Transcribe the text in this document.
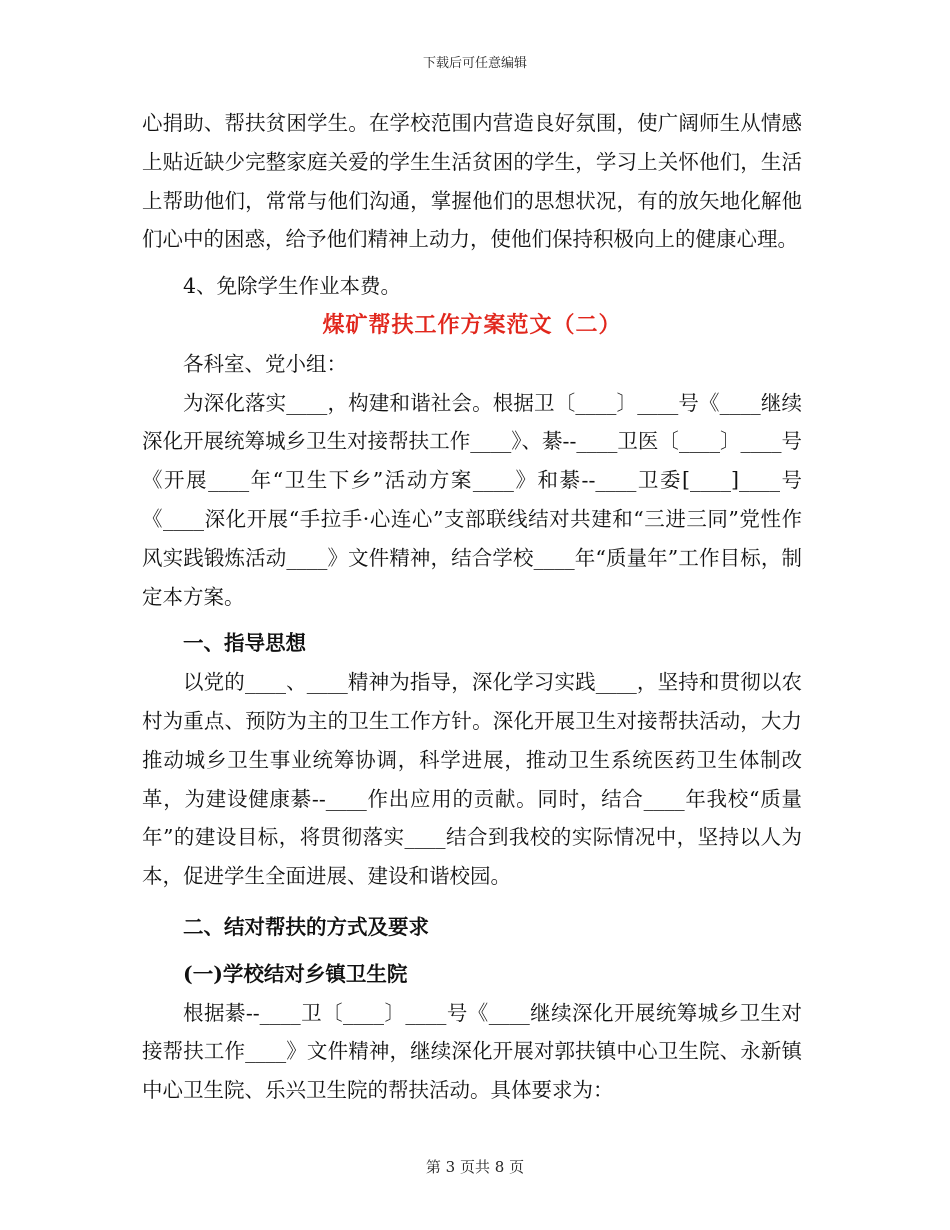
下载后可任意编辑

心捐助、帮扶贫困学生。在学校范围内营造良好氛围，使广阔师生从情感上贴近缺少完整家庭关爱的学生生活贫困的学生，学习上关怀他们，生活上帮助他们，常常与他们沟通，掌握他们的思想状况，有的放矢地化解他们心中的困惑，给予他们精神上动力，使他们保持积极向上的健康心理。

4、免除学生作业本费。

煤矿帮扶工作方案范文（二）

各科室、党小组：

为深化落实____，构建和谐社会。根据卫〔____〕____号《____继续深化开展统筹城乡卫生对接帮扶工作____》、綦--____卫医〔____〕____号《开展____年“卫生下乡”活动方案____》和綦--____卫委[____]____号《____深化开展“手拉手·心连心”支部联线结对共建和“三进三同”党性作风实践锻炼活动____》文件精神，结合学校____年“质量年”工作目标，制定本方案。

一、指导思想

以党的____、____精神为指导，深化学习实践____，坚持和贯彻以农村为重点、预防为主的卫生工作方针。深化开展卫生对接帮扶活动，大力推动城乡卫生事业统筹协调，科学进展，推动卫生系统医药卫生体制改革，为建设健康綦--____作出应用的贡献。同时，结合____年我校“质量年”的建设目标，将贯彻落实____结合到我校的实际情况中，坚持以人为本，促进学生全面进展、建设和谐校园。

二、结对帮扶的方式及要求

(一)学校结对乡镇卫生院

根据綦--____卫〔____〕____号《____继续深化开展统筹城乡卫生对接帮扶工作____》文件精神，继续深化开展对郭扶镇中心卫生院、永新镇中心卫生院、乐兴卫生院的帮扶活动。具体要求为：

第 3 页共 8 页
